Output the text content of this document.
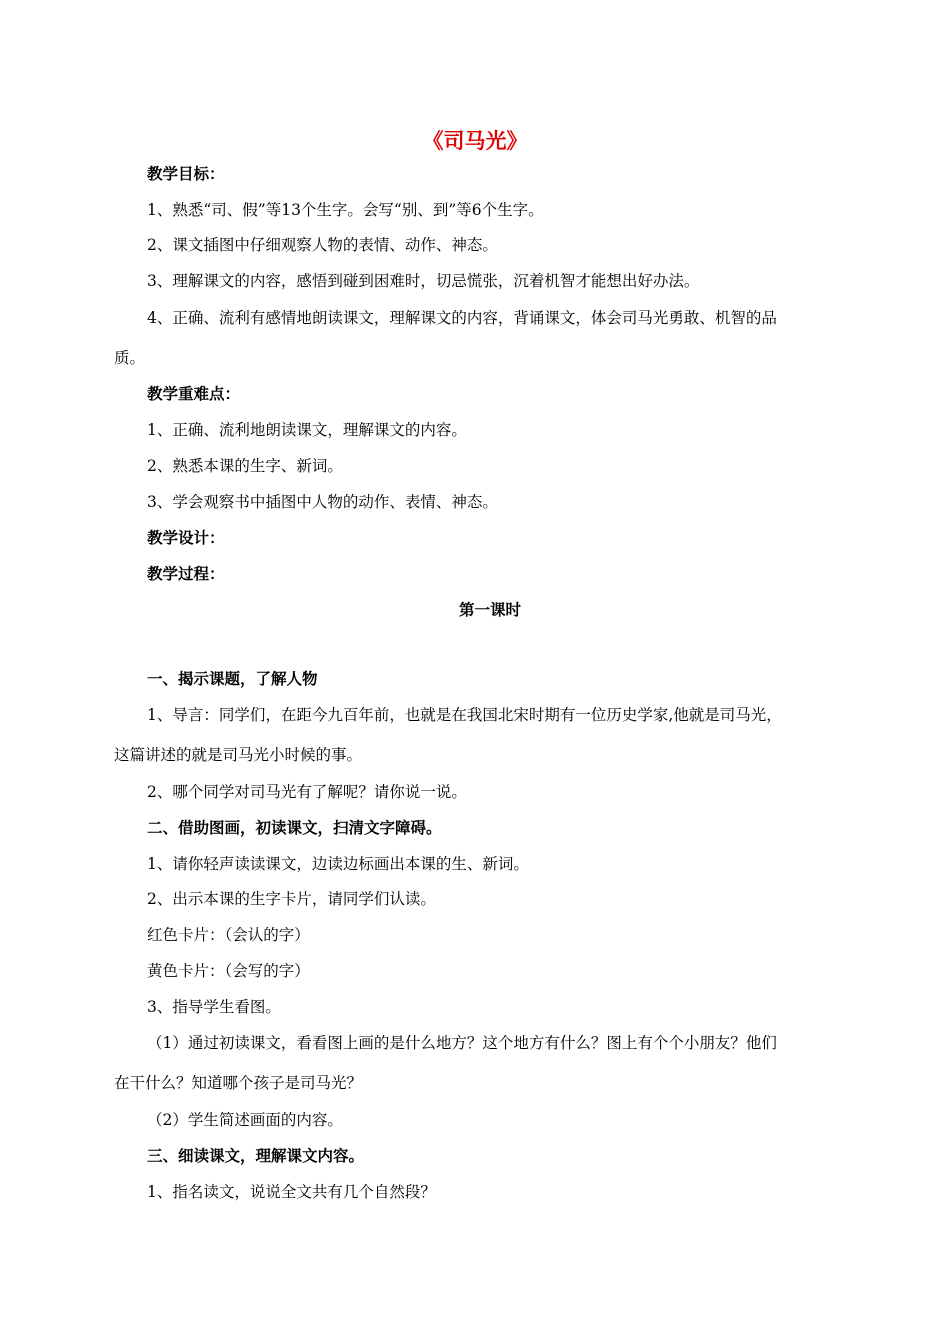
《司马光》
教学目标：
1、熟悉“司、假”等13个生字。会写“别、到”等6个生字。
2、课文插图中仔细观察人物的表情、动作、神态。
3、理解课文的内容，感悟到碰到困难时，切忌慌张，沉着机智才能想出好办法。
4、正确、流利有感情地朗读课文，理解课文的内容，背诵课文，体会司马光勇敢、机智的品
质。
教学重难点：
1、正确、流利地朗读课文，理解课文的内容。
2、熟悉本课的生字、新词。
3、学会观察书中插图中人物的动作、表情、神态。
教学设计：
教学过程：
第一课时
一、揭示课题，了解人物
1、导言：同学们，在距今九百年前，也就是在我国北宋时期有一位历史学家,他就是司马光，
这篇讲述的就是司马光小时候的事。
2、哪个同学对司马光有了解呢？请你说一说。
二、借助图画，初读课文，扫清文字障碍。
1、请你轻声读读课文，边读边标画出本课的生、新词。
2、出示本课的生字卡片，请同学们认读。
红色卡片：（会认的字）
黄色卡片：（会写的字）
3、指导学生看图。
（1）通过初读课文，看看图上画的是什么地方？这个地方有什么？图上有个个小朋友？他们
在干什么？知道哪个孩子是司马光？
（2）学生简述画面的内容。
三、细读课文，理解课文内容。
1、指名读文，说说全文共有几个自然段？
